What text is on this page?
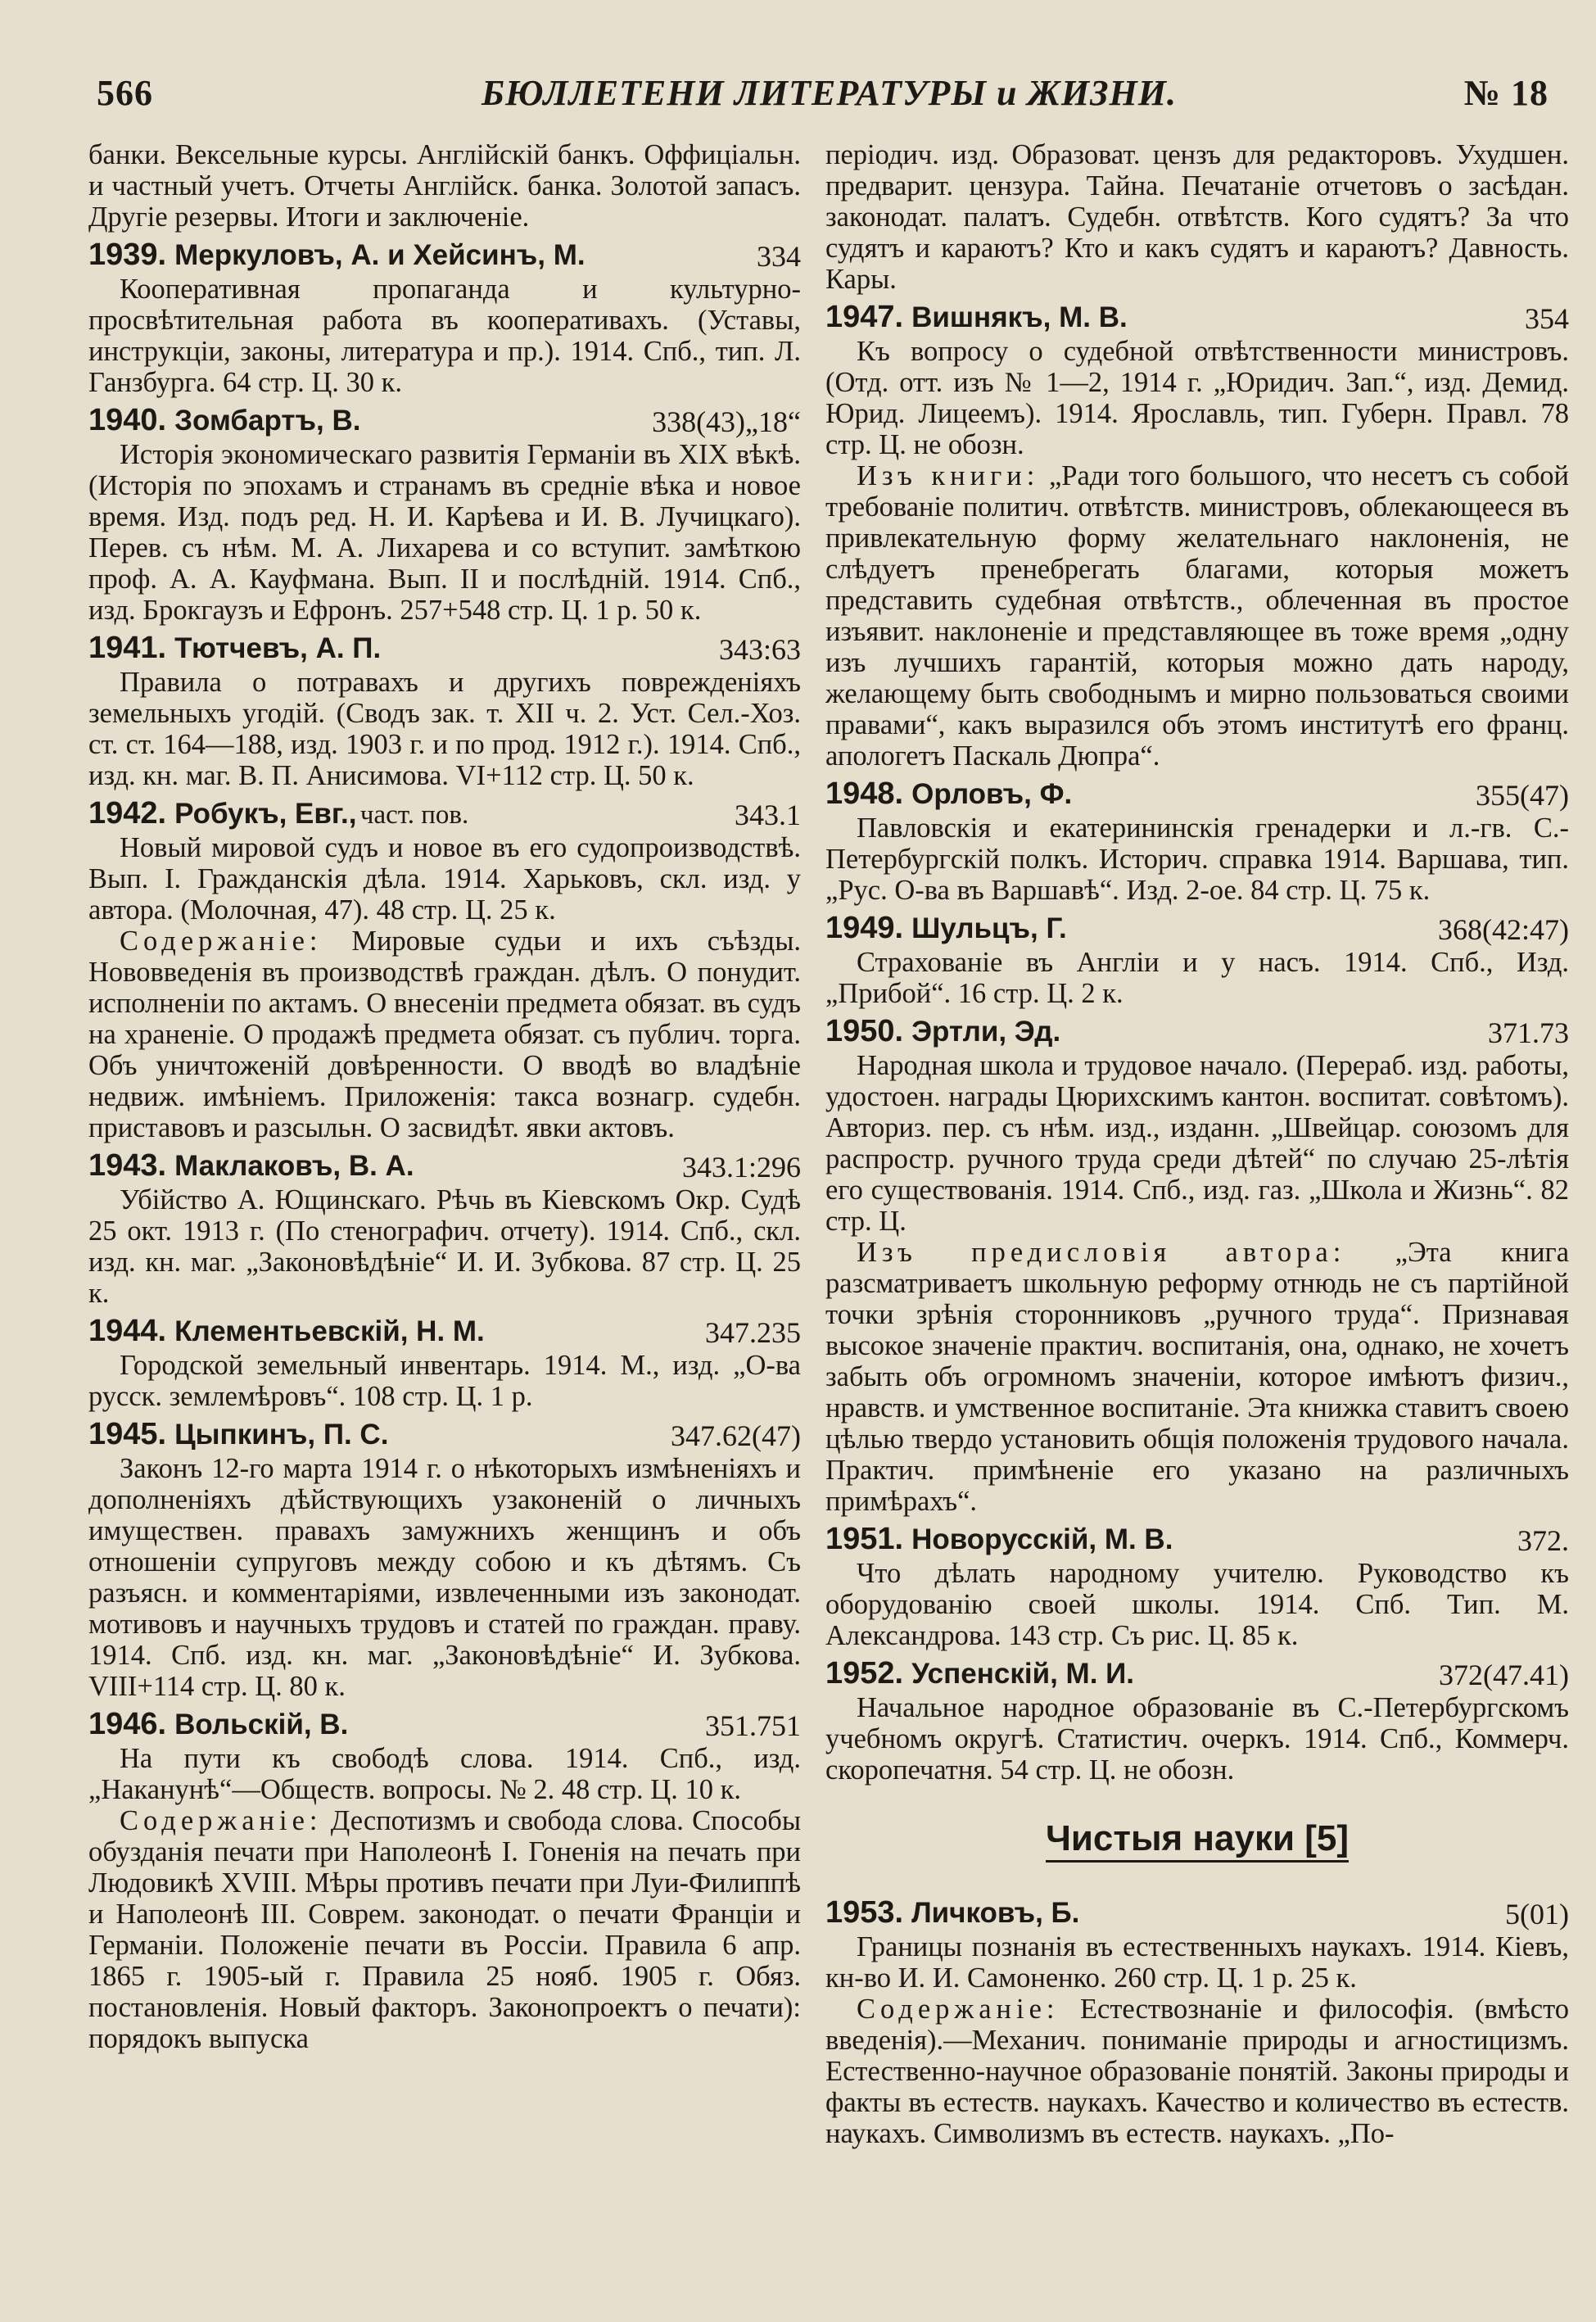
566	БЮЛЛЕТЕНИ ЛИТЕРАТУРЫ и ЖИЗНИ.	№ 18

банки. Вексельные курсы. Англійскій банкъ. Оффиціальн. и частный учетъ. Отчеты Англійск. банка. Золотой запасъ. Другіе резервы. Итоги и заключеніе.

1939. Меркуловъ, А. и Хейсинъ, М.	334

Кооперативная пропаганда и культурно-просвѣтительная работа въ кооперативахъ. (Уставы, инструкціи, законы, литература и пр.). 1914. Спб., тип. Л. Ганзбурга. 64 стр. Ц. 30 к.

1940. Зомбартъ, В.	338(43)„18“

Исторія экономическаго развитія Германіи въ XIX вѣкѣ. (Исторія по эпохамъ и странамъ въ средніе вѣка и новое время. Изд. подъ ред. Н. И. Карѣева и И. В. Лучицкаго). Перев. съ нѣм. М. А. Лихарева и со вступит. замѣткою проф. А. А. Кауфмана. Вып. II и послѣдній. 1914. Спб., изд. Брокгаузъ и Ефронъ. 257+548 стр. Ц. 1 р. 50 к.

1941. Тютчевъ, А. П.	343:63

Правила о потравахъ и другихъ поврежденіяхъ земельныхъ угодій. (Сводъ зак. т. XII ч. 2. Уст. Сел.-Хоз. ст. ст. 164—188, изд. 1903 г. и по прод. 1912 г.). 1914. Спб., изд. кн. маг. В. П. Анисимова. VI+112 стр. Ц. 50 к.

1942. Робукъ, Евг., част. пов.	343.1

Новый мировой судъ и новое въ его судопроизводствѣ. Вып. I. Гражданскія дѣла. 1914. Харьковъ, скл. изд. у автора. (Молочная, 47). 48 стр. Ц. 25 к.

Содержаніе: Мировые судьи и ихъ съѣзды. Нововведенія въ производствѣ граждан. дѣлъ. О понудит. исполненіи по актамъ. О внесеніи предмета обязат. въ судъ на храненіе. О продажѣ предмета обязат. съ публич. торга. Объ уничтоженій довѣренности. О вводѣ во владѣніе недвиж. имѣніемъ. Приложенія: такса вознагр. судебн. приставовъ и разсыльн. О засвидѣт. явки актовъ.

1943. Маклаковъ, В. А.	343.1:296

Убійство А. Ющинскаго. Рѣчь въ Кіевскомъ Окр. Судѣ 25 окт. 1913 г. (По стенографич. отчету). 1914. Спб., скл. изд. кн. маг. „Законовѣдѣніе“ И. И. Зубкова. 87 стр. Ц. 25 к.

1944. Клементьевскій, Н. М.	347.235

Городской земельный инвентарь. 1914. М., изд. „О-ва русск. землемѣровъ“. 108 стр. Ц. 1 р.

1945. Цыпкинъ, П. С.	347.62(47)

Законъ 12-го марта 1914 г. о нѣкоторыхъ измѣненіяхъ и дополненіяхъ дѣйствующихъ узаконеній о личныхъ имуществен. правахъ замужнихъ женщинъ и объ отношеніи супруговъ между собою и къ дѣтямъ. Съ разъясн. и комментаріями, извлеченными изъ законодат. мотивовъ и научныхъ трудовъ и статей по граждан. праву. 1914. Спб. изд. кн. маг. „Законовѣдѣніе“ И. Зубкова. VIII+114 стр. Ц. 80 к.

1946. Вольскій, В.	351.751

На пути къ свободѣ слова. 1914. Спб., изд. „Наканунѣ“—Обществ. вопросы. № 2. 48 стр. Ц. 10 к.

Содержаніе: Деспотизмъ и свобода слова. Способы обузданія печати при Наполеонѣ I. Гоненія на печать при Людовикѣ XVIII. Мѣры противъ печати при Луи-Филиппѣ и Наполеонѣ III. Соврем. законодат. о печати Франціи и Германіи. Положеніе печати въ Россіи. Правила 6 апр. 1865 г. 1905-ый г. Правила 25 нояб. 1905 г. Обяз. постановленія. Новый факторъ. Законопроектъ о печати): порядокъ выпуска

періодич. изд. Образоват. цензъ для редакторовъ. Ухудшен. предварит. цензура. Тайна. Печатаніе отчетовъ о засѣдан. законодат. палатъ. Судебн. отвѣтств. Кого судятъ? За что судятъ и караютъ? Кто и какъ судятъ и караютъ? Давность. Кары.

1947. Вишнякъ, М. В.	354

Къ вопросу о судебной отвѣтственности министровъ. (Отд. отт. изъ № 1—2, 1914 г. „Юридич. Зап.“, изд. Демид. Юрид. Лицеемъ). 1914. Ярославль, тип. Губерн. Правл. 78 стр. Ц. не обозн.

Изъ книги: „Ради того большого, что несетъ съ собой требованіе политич. отвѣтств. министровъ, облекающееся въ привлекательную форму желательнаго наклоненія, не слѣдуетъ пренебрегать благами, которыя можетъ представить судебная отвѣтств., облеченная въ простое изъявит. наклоненіе и представляющее въ тоже время „одну изъ лучшихъ гарантій, которыя можно дать народу, желающему быть свободнымъ и мирно пользоваться своими правами“, какъ выразился объ этомъ институтѣ его франц. апологетъ Паскаль Дюпра“.

1948. Орловъ, Ф.	355(47)

Павловскія и екатерининскія гренадерки и л.-гв. С.-Петербургскій полкъ. Историч. справка 1914. Варшава, тип. „Рус. О-ва въ Варшавѣ“. Изд. 2-ое. 84 стр. Ц. 75 к.

1949. Шульцъ, Г.	368(42:47)

Страхованіе въ Англіи и у насъ. 1914. Спб., Изд. „Прибой“. 16 стр. Ц. 2 к.

1950. Эртли, Эд.	371.73

Народная школа и трудовое начало. (Перераб. изд. работы, удостоен. награды Цюрихскимъ кантон. воспитат. совѣтомъ). Авториз. пер. съ нѣм. изд., изданн. „Швейцар. союзомъ для распростр. ручного труда среди дѣтей“ по случаю 25-лѣтія его существованія. 1914. Спб., изд. газ. „Школа и Жизнь“. 82 стр. Ц.

Изъ предисловія автора: „Эта книга разсматриваетъ школьную реформу отнюдь не съ партійной точки зрѣнія сторонниковъ „ручного труда“. Признавая высокое значеніе практич. воспитанія, она, однако, не хочетъ забыть объ огромномъ значеніи, которое имѣютъ физич., нравств. и умственное воспитаніе. Эта книжка ставитъ своею цѣлью твердо установить общія положенія трудового начала. Практич. примѣненіе его указано на различныхъ примѣрахъ“.

1951. Новорусскій, М. В.	372.

Что дѣлать народному учителю. Руководство къ оборудованію своей школы. 1914. Спб. Тип. М. Александрова. 143 стр. Съ рис. Ц. 85 к.

1952. Успенскій, М. И.	372(47.41)

Начальное народное образованіе въ С.-Петербургскомъ учебномъ округѣ. Статистич. очеркъ. 1914. Спб., Коммерч. скоропечатня. 54 стр. Ц. не обозн.

Чистыя науки [5]
1953. Личковъ, Б.	5(01)

Границы познанія въ естественныхъ наукахъ. 1914. Кіевъ, кн-во И. И. Самоненко. 260 стр. Ц. 1 р. 25 к.

Содержаніе: Естествознаніе и философія. (вмѣсто введенія).—Механич. пониманіе природы и агностицизмъ. Естественно-научное образованіе понятій. Законы природы и факты въ естеств. наукахъ. Качество и количество въ естеств. наукахъ. Символизмъ въ естеств. наукахъ. „По-
